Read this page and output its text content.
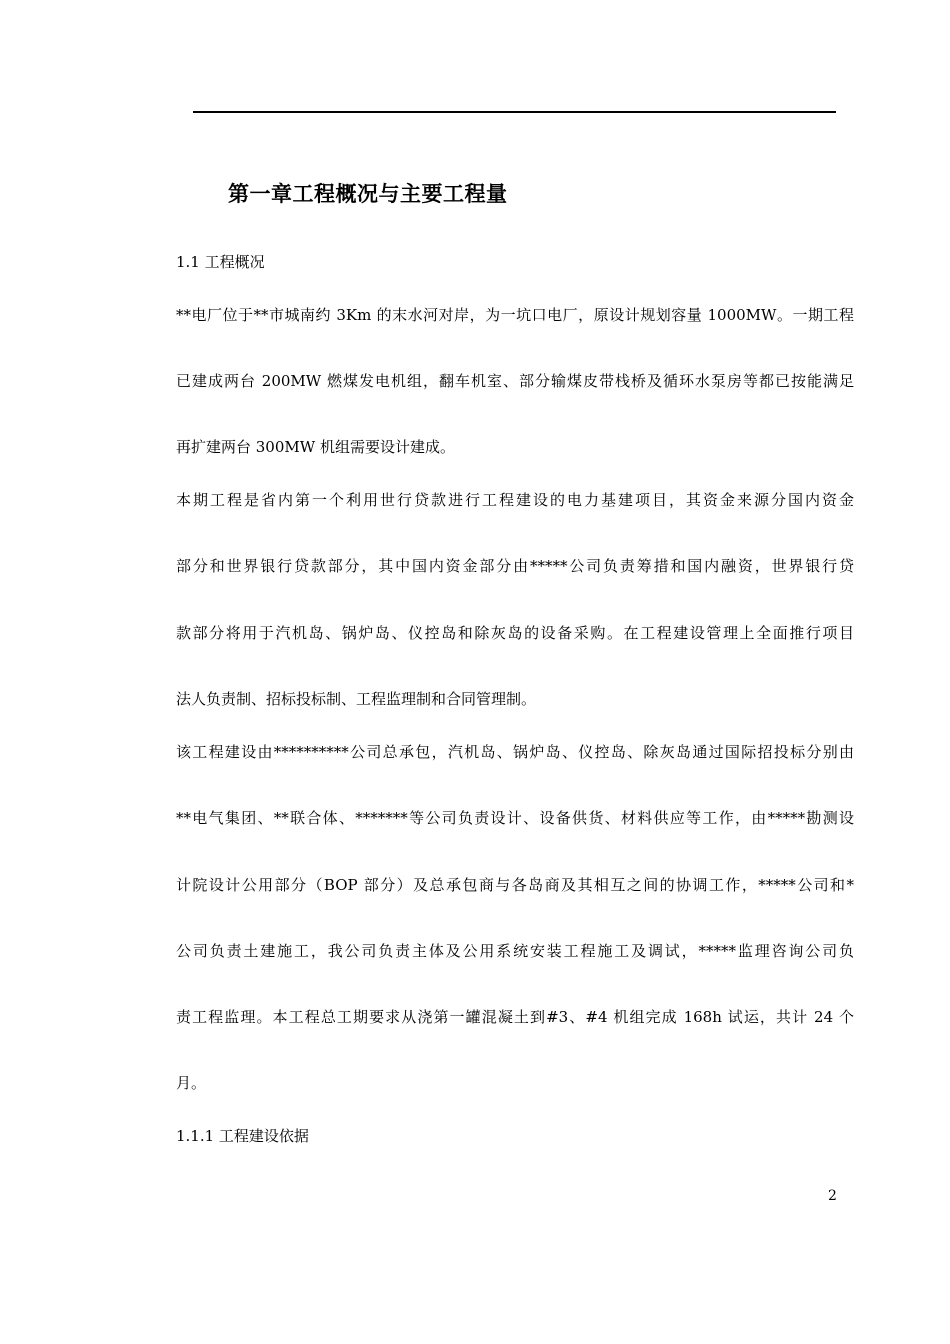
第一章工程概况与主要工程量
1.1 工程概况
**电厂位于**市城南约 3Km 的末水河对岸，为一坑口电厂，原设计规划容量 1000MW。一期工程
已建成两台 200MW 燃煤发电机组，翻车机室、部分输煤皮带栈桥及循环水泵房等都已按能满足
再扩建两台 300MW 机组需要设计建成。
本期工程是省内第一个利用世行贷款进行工程建设的电力基建项目，其资金来源分国内资金
部分和世界银行贷款部分，其中国内资金部分由*****公司负责筹措和国内融资，世界银行贷
款部分将用于汽机岛、锅炉岛、仪控岛和除灰岛的设备采购。在工程建设管理上全面推行项目
法人负责制、招标投标制、工程监理制和合同管理制。
该工程建设由**********公司总承包，汽机岛、锅炉岛、仪控岛、除灰岛通过国际招投标分别由
**电气集团、**联合体、*******等公司负责设计、设备供货、材料供应等工作，由*****勘测设
计院设计公用部分（BOP 部分）及总承包商与各岛商及其相互之间的协调工作，*****公司和*
公司负责土建施工，我公司负责主体及公用系统安装工程施工及调试，*****监理咨询公司负
责工程监理。本工程总工期要求从浇第一罐混凝土到#3、#4 机组完成 168h 试运，共计 24 个
月。
1.1.1 工程建设依据
2
